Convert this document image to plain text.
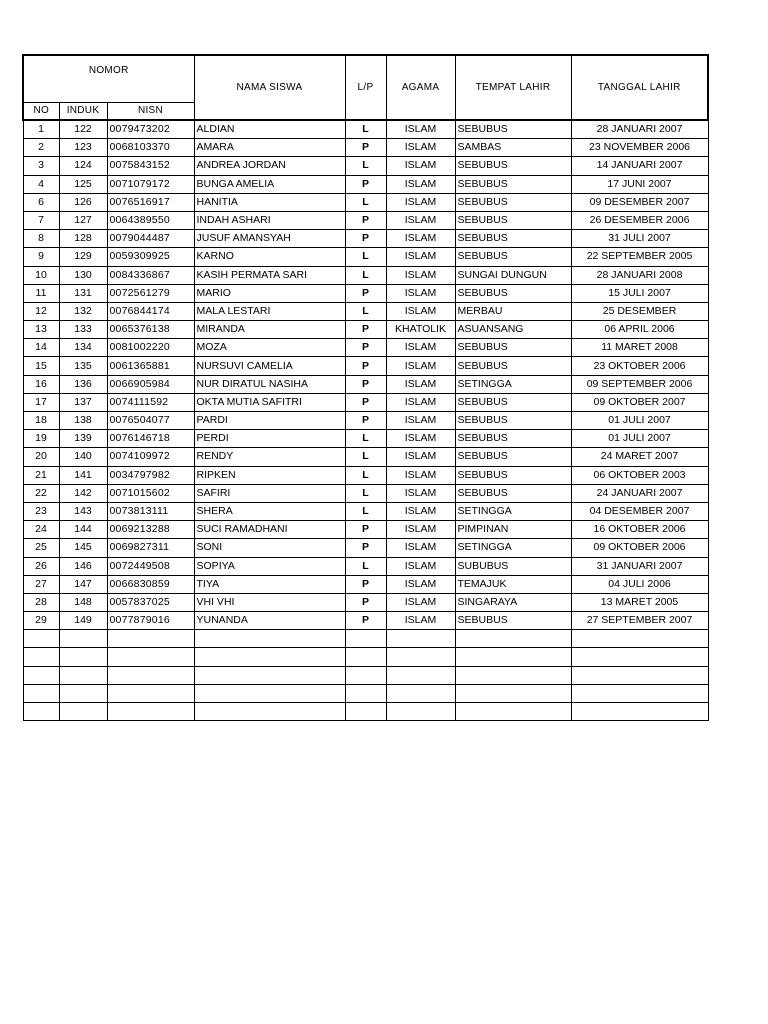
NOMOR			NAMA SISWA	L/P	AGAMA	TEMPAT LAHIR	TANGGAL LAHIR
NO	INDUK	NISN					
1	122	0079473202	ALDIAN	L	ISLAM	SEBUBUS	28 JANUARI 2007
2	123	0068103370	AMARA	P	ISLAM	SAMBAS	23 NOVEMBER 2006
3	124	0075843152	ANDREA JORDAN	L	ISLAM	SEBUBUS	14 JANUARI 2007
4	125	0071079172	BUNGA AMELIA	P	ISLAM	SEBUBUS	17 JUNI 2007
6	126	0076516917	HANITIA	L	ISLAM	SEBUBUS	09 DESEMBER 2007
7	127	0064389550	INDAH ASHARI	P	ISLAM	SEBUBUS	26 DESEMBER 2006
8	128	0079044487	JUSUF AMANSYAH	P	ISLAM	SEBUBUS	31 JULI 2007
9	129	0059309925	KARNO	L	ISLAM	SEBUBUS	22 SEPTEMBER 2005
10	130	0084336867	KASIH PERMATA SARI	L	ISLAM	SUNGAI DUNGUN	28 JANUARI 2008
11	131	0072561279	MARIO	P	ISLAM	SEBUBUS	15 JULI 2007
12	132	0076844174	MALA LESTARI	L	ISLAM	MERBAU	25 DESEMBER
13	133	0065376138	MIRANDA	P	KHATOLIK	ASUANSANG	06 APRIL 2006
14	134	0081002220	MOZA	P	ISLAM	SEBUBUS	11 MARET 2008
15	135	0061365881	NURSUVI CAMELIA	P	ISLAM	SEBUBUS	23 OKTOBER 2006
16	136	0066905984	NUR DIRATUL NASIHA	P	ISLAM	SETINGGA	09 SEPTEMBER 2006
17	137	0074111592	OKTA MUTIA SAFITRI	P	ISLAM	SEBUBUS	09 OKTOBER 2007
18	138	0076504077	PARDI	P	ISLAM	SEBUBUS	01 JULI 2007
19	139	0076146718	PERDI	L	ISLAM	SEBUBUS	01 JULI 2007
20	140	0074109972	RENDY	L	ISLAM	SEBUBUS	24 MARET 2007
21	141	0034797982	RIPKEN	L	ISLAM	SEBUBUS	06 OKTOBER 2003
22	142	0071015602	SAFIRI	L	ISLAM	SEBUBUS	24 JANUARI 2007
23	143	0073813111	SHERA	L	ISLAM	SETINGGA	04 DESEMBER 2007
24	144	0069213288	SUCI RAMADHANI	P	ISLAM	PIMPINAN	16 OKTOBER 2006
25	145	0069827311	SONI	P	ISLAM	SETINGGA	09 OKTOBER 2006
26	146	0072449508	SOPIYA	L	ISLAM	SUBUBUS	31 JANUARI 2007
27	147	0066830859	TIYA	P	ISLAM	TEMAJUK	04 JULI 2006
28	148	0057837025	VHI VHI	P	ISLAM	SINGARAYA	13 MARET 2005
29	149	0077879016	YUNANDA	P	ISLAM	SEBUBUS	27 SEPTEMBER 2007
